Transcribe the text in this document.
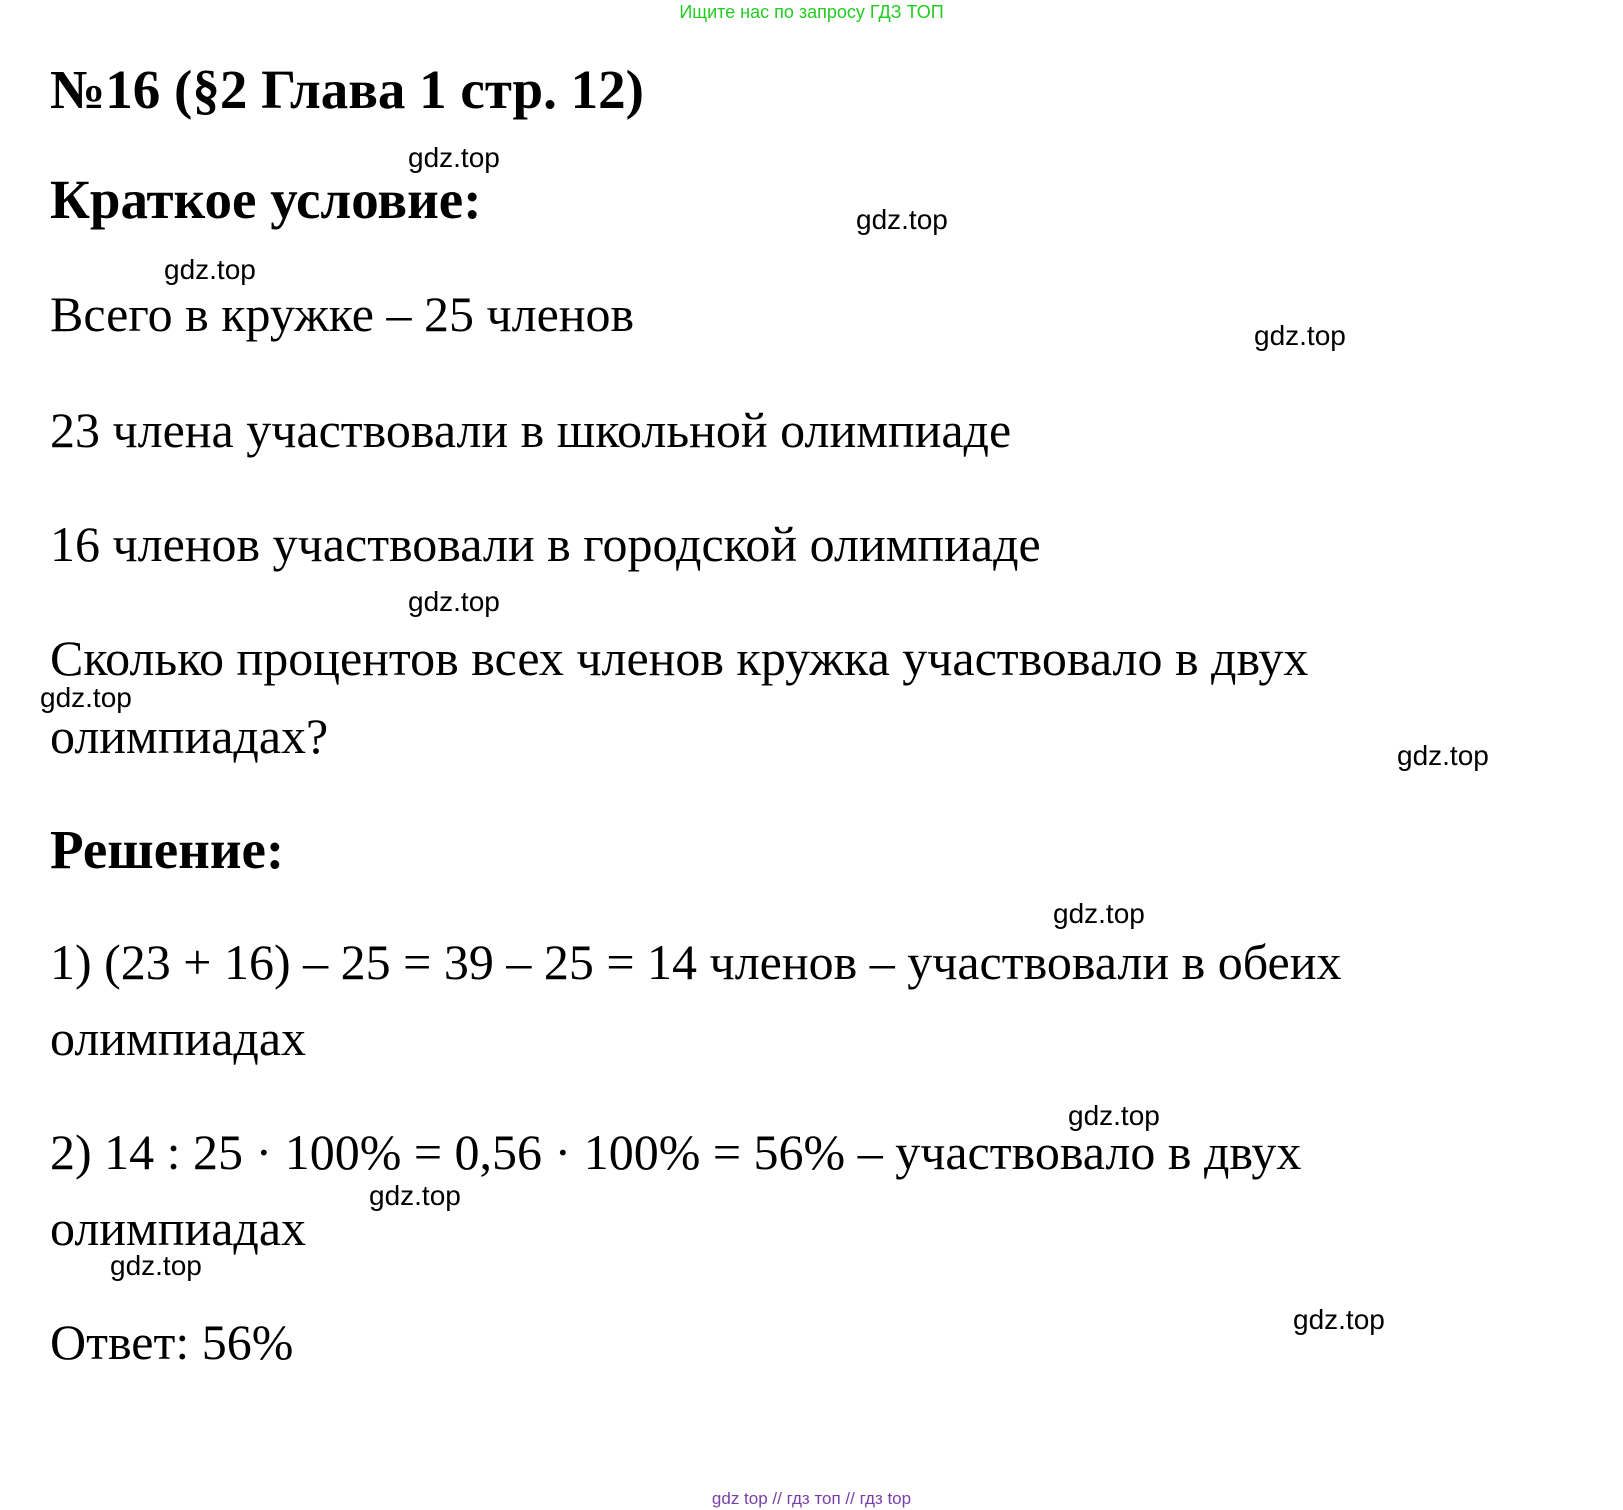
Ищите нас по запросу ГДЗ ТОП
№16 (§2 Глава 1 стр. 12)
Краткое условие:
Всего в кружке – 25 членов
23 члена участвовали в школьной олимпиаде
16 членов участвовали в городской олимпиаде
Сколько процентов всех членов кружка участвовало в двух
олимпиадах?
Решение:
1) (23 + 16) – 25 = 39 – 25 = 14 членов – участвовали в обеих
олимпиадах
2) 14 : 25 · 100% = 0,56 · 100% = 56% – участвовало в двух
олимпиадах
Ответ: 56%
gdz.top
gdz.top
gdz.top
gdz.top
gdz.top
gdz.top
gdz.top
gdz.top
gdz.top
gdz.top
gdz.top
gdz.top
gdz top // гдз топ // гдз top
